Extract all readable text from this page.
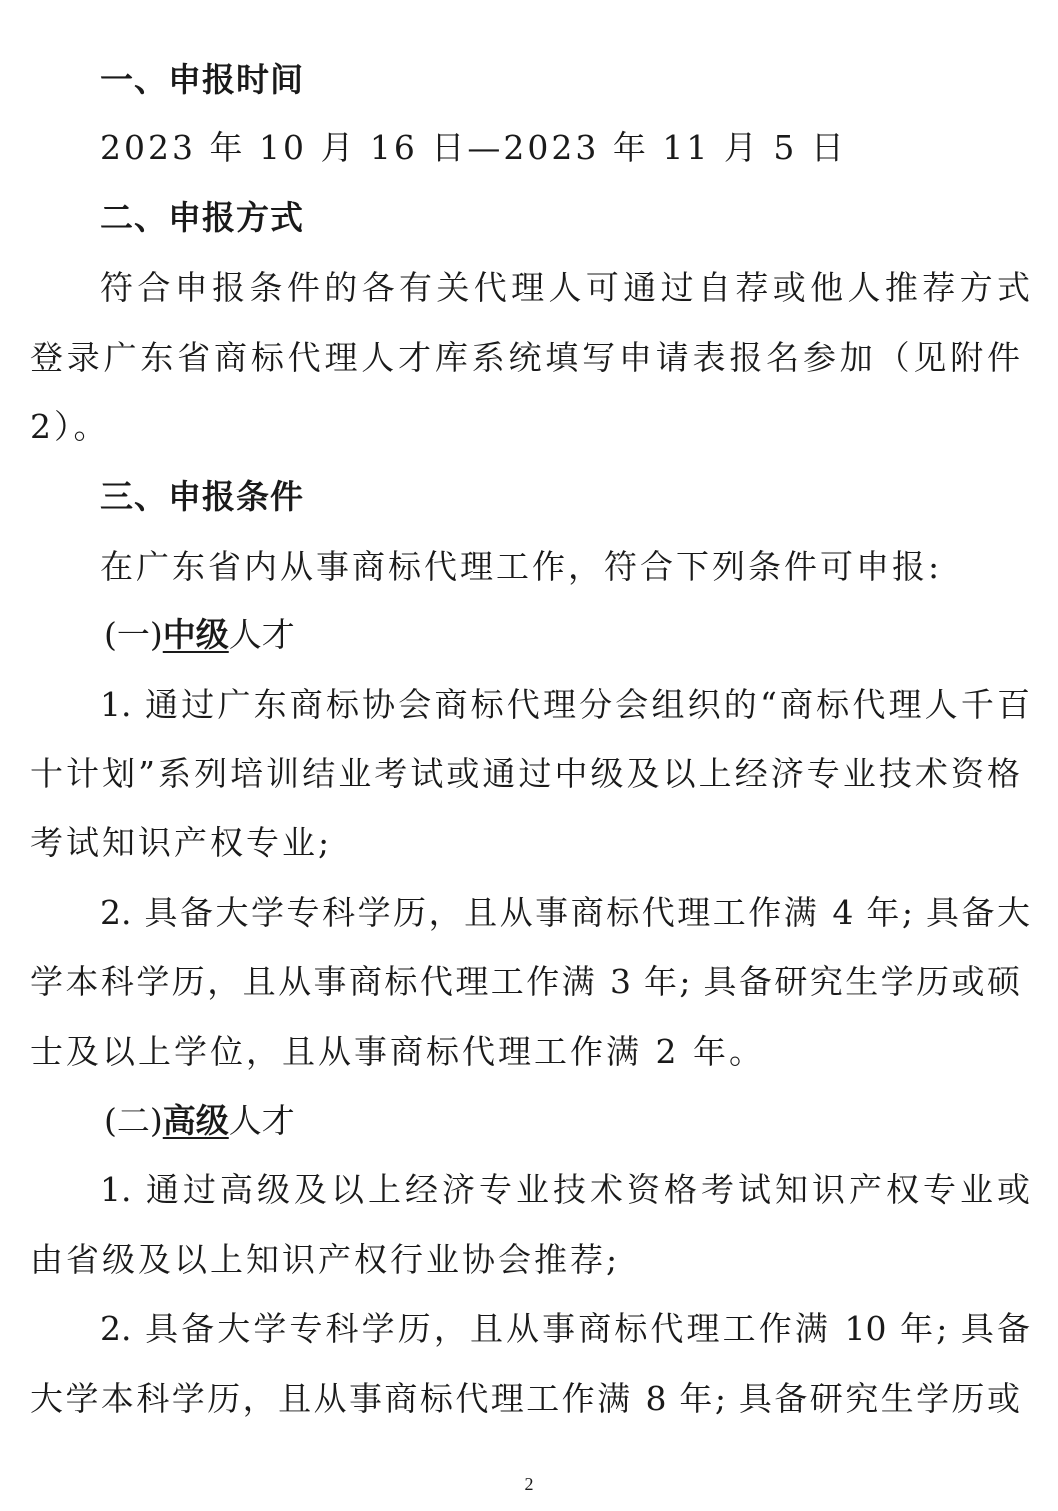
一、申报时间
2023 年 10 月 16 日—2023 年 11 月 5 日
二、申报方式
符合申报条件的各有关代理人可通过自荐或他人推荐方式
登录广东省商标代理人才库系统填写申请表报名参加（见附件
2）。
三、申报条件
在广东省内从事商标代理工作，符合下列条件可申报:
(一)中级人才
1. 通过广东商标协会商标代理分会组织的“商标代理人千百
十计划”系列培训结业考试或通过中级及以上经济专业技术资格
考试知识产权专业;
2. 具备大学专科学历，且从事商标代理工作满 4 年; 具备大
学本科学历，且从事商标代理工作满 3 年; 具备研究生学历或硕
士及以上学位，且从事商标代理工作满 2 年。
(二)高级人才
1. 通过高级及以上经济专业技术资格考试知识产权专业或
由省级及以上知识产权行业协会推荐;
2. 具备大学专科学历，且从事商标代理工作满 10 年; 具备
大学本科学历，且从事商标代理工作满 8 年; 具备研究生学历或
2
